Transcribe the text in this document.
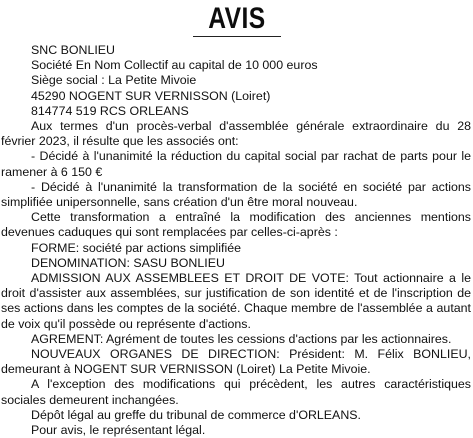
AVIS

SNC BONLIEU

Société En Nom Collectif au capital de 10 000 euros

Siège social : La Petite Mivoie

45290 NOGENT SUR VERNISSON (Loiret)

814774 519 RCS ORLEANS

Aux termes d'un procès-verbal d'assemblée générale extraordinaire du 28 février 2023, il résulte que les associés ont:

- Décidé à l'unanimité la réduction du capital social par rachat de parts pour le ramener à 6 150 €

- Décidé à l'unanimité la transformation de la société en société par actions simplifiée unipersonnelle, sans création d'un être moral nouveau.

Cette transformation a entraîné la modification des anciennes mentions devenues caduques qui sont remplacées par celles-ci-après :

FORME: société par actions simplifiée

DENOMINATION: SASU BONLIEU

ADMISSION AUX ASSEMBLEES ET DROIT DE VOTE: Tout actionnaire a le droit d'assister aux assemblées, sur justification de son identité et de l'inscription de ses actions dans les comptes de la société. Chaque membre de l'assemblée a autant de voix qu'il possède ou représente d'actions.

AGREMENT: Agrément de toutes les cessions d'actions par les actionnaires.

NOUVEAUX ORGANES DE DIRECTION: Président: M. Félix BONLIEU, demeurant à NOGENT SUR VERNISSON (Loiret) La Petite Mivoie.

A l'exception des modifications qui précèdent, les autres caractéristiques sociales demeurent inchangées.

Dépôt légal au greffe du tribunal de commerce d'ORLEANS.

Pour avis, le représentant légal.
